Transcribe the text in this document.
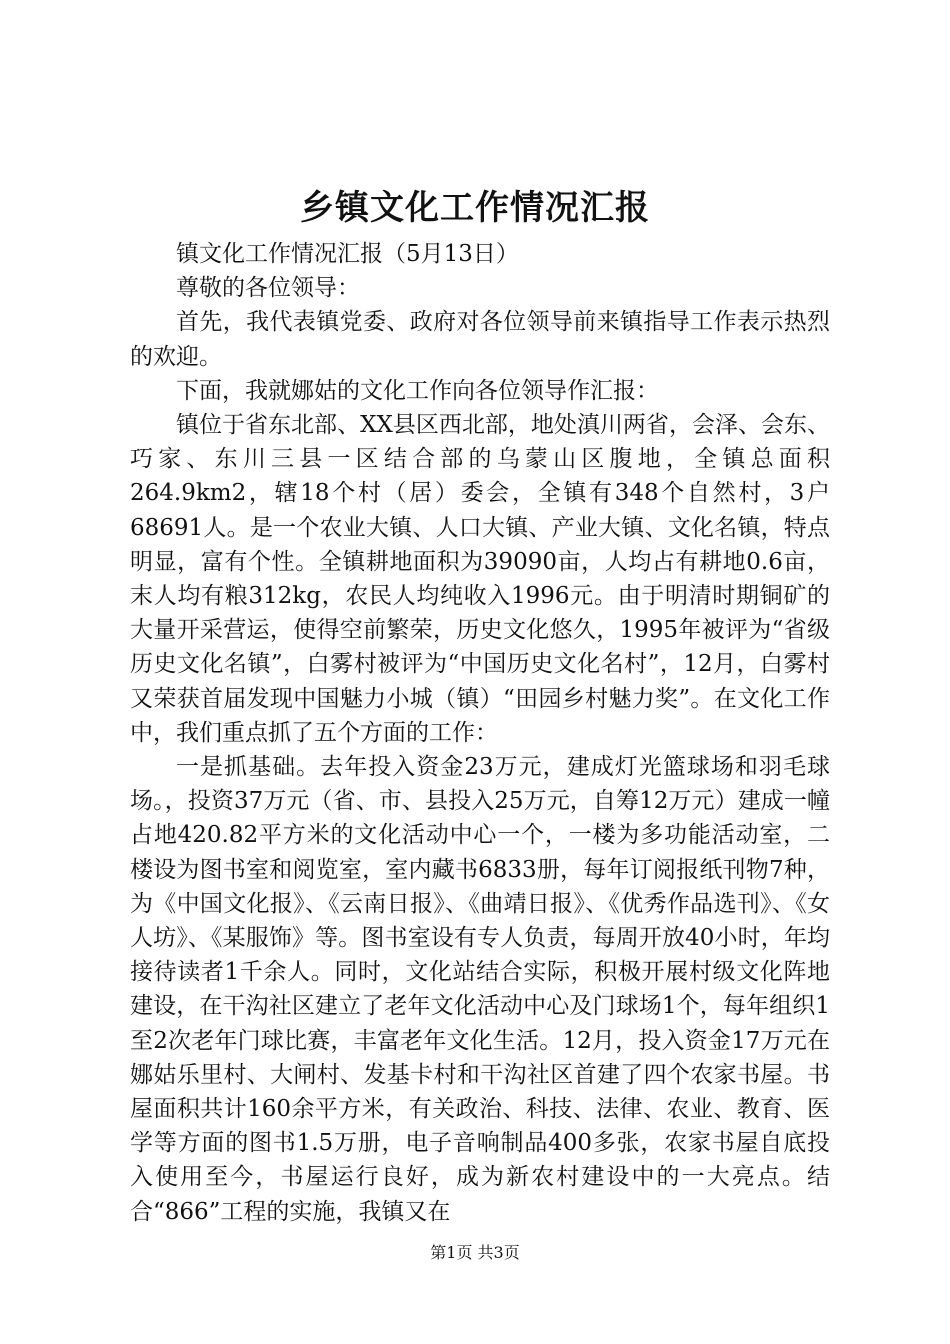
乡镇文化工作情况汇报

镇文化工作情况汇报（5月13日）

尊敬的各位领导：

首先，我代表镇党委、政府对各位领导前来镇指导工作表示热烈的欢迎。

下面，我就娜姑的文化工作向各位领导作汇报：

镇位于省东北部、XX县区西北部，地处滇川两省，会泽、会东、巧家、东川三县一区结合部的乌蒙山区腹地，全镇总面积264.9km2，辖18个村（居）委会，全镇有348个自然村，3户68691人。是一个农业大镇、人口大镇、产业大镇、文化名镇，特点明显，富有个性。全镇耕地面积为39090亩，人均占有耕地0.6亩，末人均有粮312kg，农民人均纯收入1996元。由于明清时期铜矿的大量开采营运，使得空前繁荣，历史文化悠久，1995年被评为“省级历史文化名镇”，白雾村被评为“中国历史文化名村”，12月，白雾村又荣获首届发现中国魅力小城（镇）“田园乡村魅力奖”。在文化工作中，我们重点抓了五个方面的工作：

一是抓基础。去年投入资金23万元，建成灯光篮球场和羽毛球场。，投资37万元（省、市、县投入25万元，自筹12万元）建成一幢占地420.82平方米的文化活动中心一个，一楼为多功能活动室，二楼设为图书室和阅览室，室内藏书6833册，每年订阅报纸刊物7种，为《中国文化报》、《云南日报》、《曲靖日报》、《优秀作品选刊》、《女人坊》、《某服饰》等。图书室设有专人负责，每周开放40小时，年均接待读者1千余人。同时，文化站结合实际，积极开展村级文化阵地建设，在干沟社区建立了老年文化活动中心及门球场1个，每年组织1至2次老年门球比赛，丰富老年文化生活。12月，投入资金17万元在娜姑乐里村、大闸村、发基卡村和干沟社区首建了四个农家书屋。书屋面积共计160余平方米，有关政治、科技、法律、农业、教育、医学等方面的图书1.5万册，电子音响制品400多张，农家书屋自底投入使用至今，书屋运行良好，成为新农村建设中的一大亮点。结合“866”工程的实施，我镇又在

第1页 共3页
